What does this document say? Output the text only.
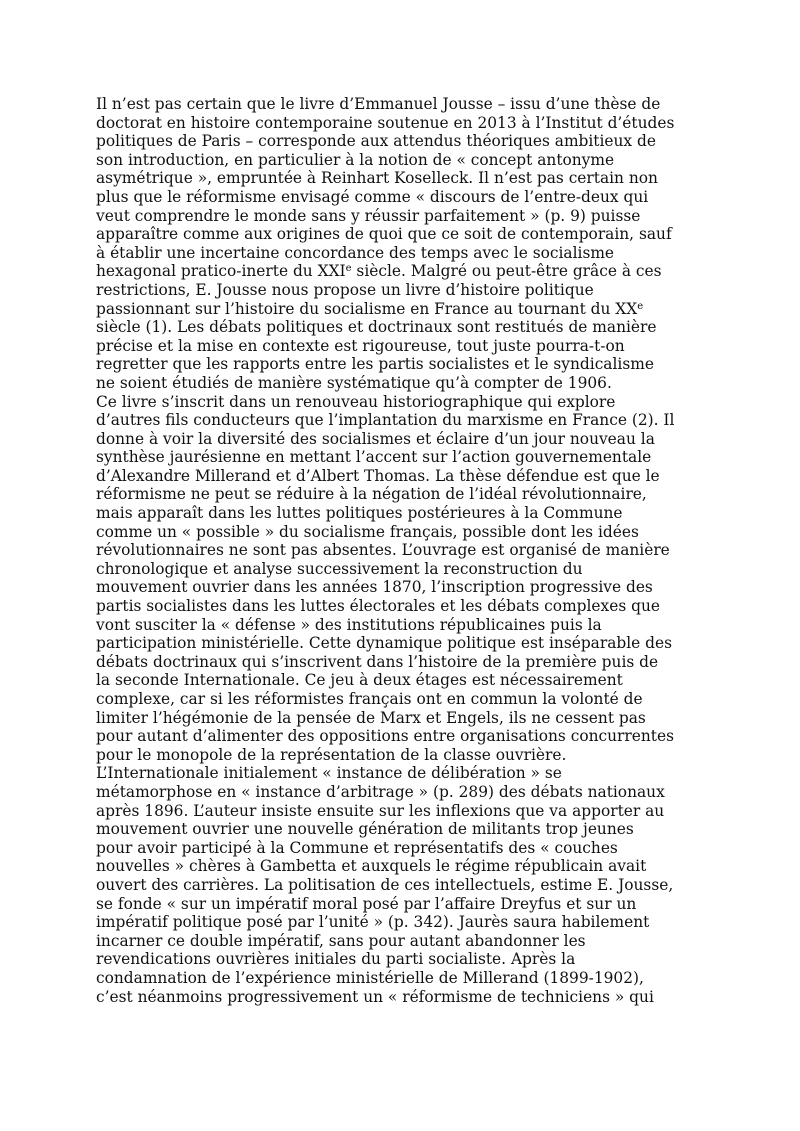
Il n’est pas certain que le livre d’Emmanuel Jousse – issu d’une thèse de
doctorat en histoire contemporaine soutenue en 2013 à l’Institut d’études
politiques de Paris – corresponde aux attendus théoriques ambitieux de
son introduction, en particulier à la notion de « concept antonyme
asymétrique », empruntée à Reinhart Koselleck. Il n’est pas certain non
plus que le réformisme envisagé comme « discours de l’entre-deux qui
veut comprendre le monde sans y réussir parfaitement » (p. 9) puisse
apparaître comme aux origines de quoi que ce soit de contemporain, sauf
à établir une incertaine concordance des temps avec le socialisme
hexagonal pratico-inerte du XXIe siècle. Malgré ou peut-être grâce à ces
restrictions, E. Jousse nous propose un livre d’histoire politique
passionnant sur l’histoire du socialisme en France au tournant du XXe
siècle (1). Les débats politiques et doctrinaux sont restitués de manière
précise et la mise en contexte est rigoureuse, tout juste pourra-t-on
regretter que les rapports entre les partis socialistes et le syndicalisme
ne soient étudiés de manière systématique qu’à compter de 1906.
Ce livre s’inscrit dans un renouveau historiographique qui explore
d’autres fils conducteurs que l’implantation du marxisme en France (2). Il
donne à voir la diversité des socialismes et éclaire d’un jour nouveau la
synthèse jaurésienne en mettant l’accent sur l’action gouvernementale
d’Alexandre Millerand et d’Albert Thomas. La thèse défendue est que le
réformisme ne peut se réduire à la négation de l’idéal révolutionnaire,
mais apparaît dans les luttes politiques postérieures à la Commune
comme un « possible » du socialisme français, possible dont les idées
révolutionnaires ne sont pas absentes. L’ouvrage est organisé de manière
chronologique et analyse successivement la reconstruction du
mouvement ouvrier dans les années 1870, l’inscription progressive des
partis socialistes dans les luttes électorales et les débats complexes que
vont susciter la « défense » des institutions républicaines puis la
participation ministérielle. Cette dynamique politique est inséparable des
débats doctrinaux qui s’inscrivent dans l’histoire de la première puis de
la seconde Internationale. Ce jeu à deux étages est nécessairement
complexe, car si les réformistes français ont en commun la volonté de
limiter l’hégémonie de la pensée de Marx et Engels, ils ne cessent pas
pour autant d’alimenter des oppositions entre organisations concurrentes
pour le monopole de la représentation de la classe ouvrière.
L’Internationale initialement « instance de délibération » se
métamorphose en « instance d’arbitrage » (p. 289) des débats nationaux
après 1896. L’auteur insiste ensuite sur les inflexions que va apporter au
mouvement ouvrier une nouvelle génération de militants trop jeunes
pour avoir participé à la Commune et représentatifs des « couches
nouvelles » chères à Gambetta et auxquels le régime républicain avait
ouvert des carrières. La politisation de ces intellectuels, estime E. Jousse,
se fonde « sur un impératif moral posé par l’affaire Dreyfus et sur un
impératif politique posé par l’unité » (p. 342). Jaurès saura habilement
incarner ce double impératif, sans pour autant abandonner les
revendications ouvrières initiales du parti socialiste. Après la
condamnation de l’expérience ministérielle de Millerand (1899-1902),
c’est néanmoins progressivement un « réformisme de techniciens » qui
